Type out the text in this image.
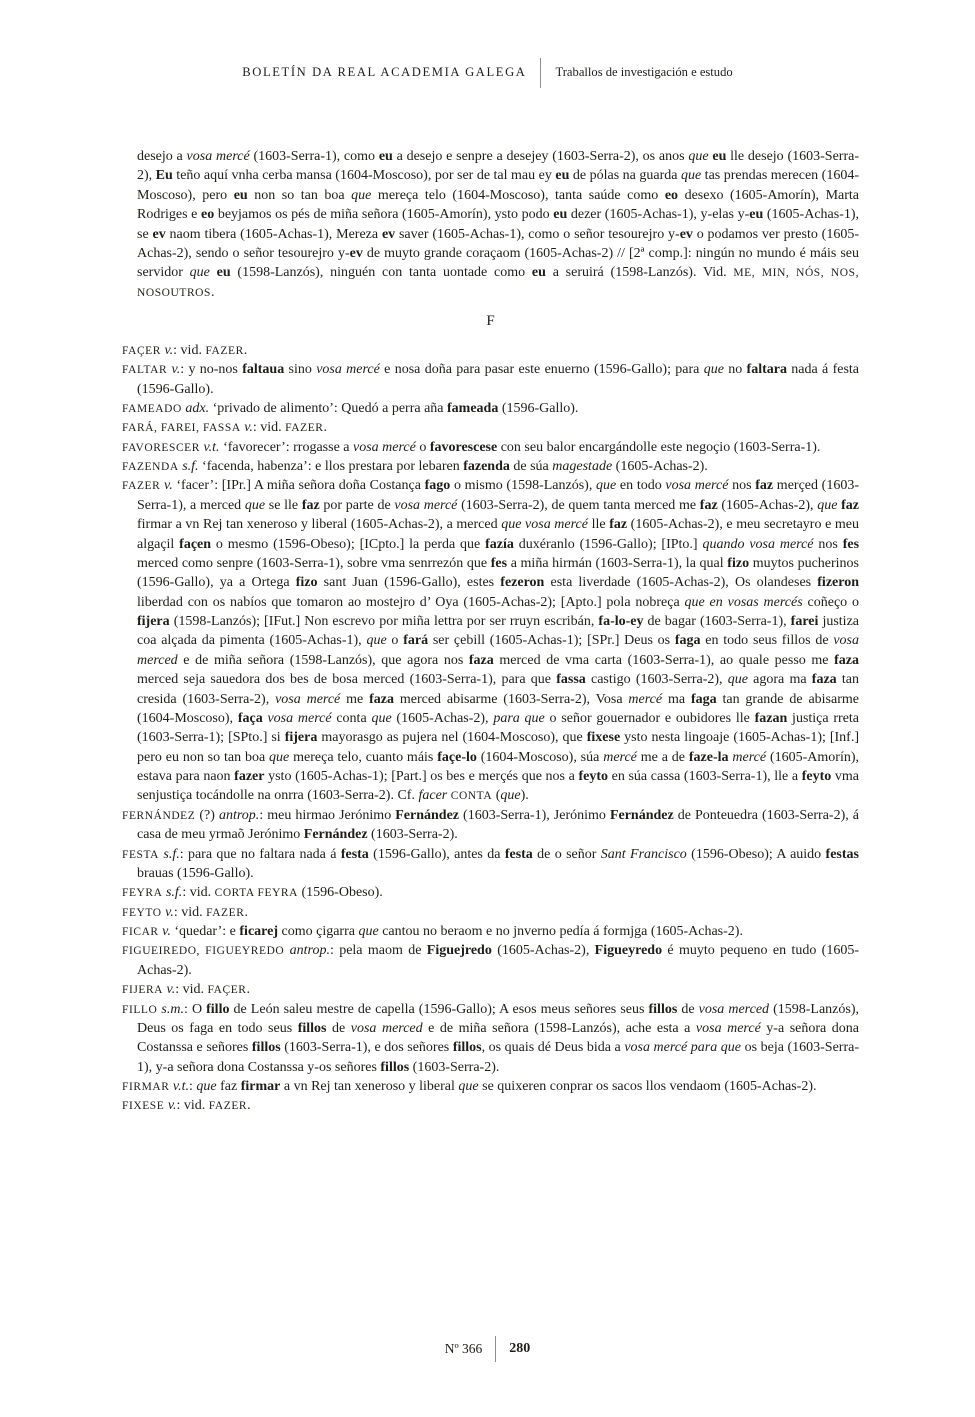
BOLETÍN DA REAL ACADEMIA GALEGA Traballos de investigación e estudo

desejo a vosa mercé (1603-Serra-1), como eu a desejo e senpre a desejey (1603-Serra-2), os anos que eu lle desejo (1603-Serra-2), Eu teño aquí vnha cerba mansa (1604-Moscoso), por ser de tal mau ey eu de pólas na guarda que tas prendas merecen (1604-Moscoso), pero eu non so tan boa que mereça telo (1604-Moscoso), tanta saúde como eo desexo (1605-Amorín), Marta Rodriges e eo beyjamos os pés de miña señora (1605-Amorín), ysto podo eu dezer (1605-Achas-1), y-elas y-eu (1605-Achas-1), se ev naom tibera (1605-Achas-1), Mereza ev saver (1605-Achas-1), como o señor tesourejro y-ev o podamos ver presto (1605-Achas-2), sendo o señor tesourejro y-ev de muyto grande coraçaom (1605-Achas-2) // [2ª comp.]: ningún no mundo é máis seu servidor que eu (1598-Lanzós), ninguén con tanta uontade como eu a seruirá (1598-Lanzós). Vid. ME, MIN, NÓS, NOS, NOSOUTROS.

F

FAÇER v.: vid. FAZER.

FALTAR v.: y no-nos faltaua sino vosa mercé e nosa doña para pasar este enuerno (1596-Gallo); para que no faltara nada á festa (1596-Gallo).

FAMEADO adx. ‘privado de alimento’: Quedó a perra aña fameada (1596-Gallo).

FARÁ, FAREI, FASSA v.: vid. FAZER.

FAVORESCER v.t. ‘favorecer’: rrogasse a vosa mercé o favorescese con seu balor encargándolle este negoçio (1603-Serra-1).

FAZENDA s.f. ‘facenda, habenza’: e llos prestara por lebaren fazenda de súa magestade (1605-Achas-2).

FAZER v. ‘facer’: [IPr.] A miña señora doña Costança fago o mismo (1598-Lanzós), que en todo vosa mercé nos faz merçed (1603-Serra-1), a merced que se lle faz por parte de vosa mercé (1603-Serra-2), de quem tanta merced me faz (1605-Achas-2), que faz firmar a vn Rej tan xeneroso y liberal (1605-Achas-2), a merced que vosa mercé lle faz (1605-Achas-2), e meu secretayro e meu algaçil façen o mesmo (1596-Obeso); [ICpto.] la perda que fazía duxéranlo (1596-Gallo); [IPto.] quando vosa mercé nos fes merced como senpre (1603-Serra-1), sobre vma senrrezón que fes a miña hirmán (1603-Serra-1), la qual fizo muytos pucherinos (1596-Gallo), ya a Ortega fizo sant Juan (1596-Gallo), estes fezeron esta liverdade (1605-Achas-2), Os olandeses fizeron liberdad con os nabíos que tomaron ao mostejro d’ Oya (1605-Achas-2); [Apto.] pola nobreça que en vosas mercés coñeço o fijera (1598-Lanzós); [IFut.] Non escrevo por miña lettra por ser rruyn escribán, fa-lo-ey de bagar (1603-Serra-1), farei justiza coa alçada da pimenta (1605-Achas-1), que o fará ser çebill (1605-Achas-1); [SPr.] Deus os faga en todo seus fillos de vosa merced e de miña señora (1598-Lanzós), que agora nos faza merced de vma carta (1603-Serra-1), ao quale pesso me faza merced seja sauedora dos bes de bosa merced (1603-Serra-1), para que fassa castigo (1603-Serra-2), que agora ma faza tan cresida (1603-Serra-2), vosa mercé me faza merced abisarme (1603-Serra-2), Vosa mercé ma faga tan grande de abisarme (1604-Moscoso), faça vosa mercé conta que (1605-Achas-2), para que o señor gouernador e oubidores lle fazan justiça rreta (1603-Serra-1); [SPto.] si fijera mayorasgo as pujera nel (1604-Moscoso), que fixese ysto nesta lingoaje (1605-Achas-1); [Inf.] pero eu non so tan boa que mereça telo, cuanto máis façe-lo (1604-Moscoso), súa mercé me a de faze-la mercé (1605-Amorín), estava para naon fazer ysto (1605-Achas-1); [Part.] os bes e merçés que nos a feyto en súa cassa (1603-Serra-1), lle a feyto vma senjustiça tocándolle na onrra (1603-Serra-2). Cf. facer CONTA (que).

FERNÁNDEZ (?) antrop.: meu hirmao Jerónimo Fernández (1603-Serra-1), Jerónimo Fernández de Ponteuedra (1603-Serra-2), á casa de meu yrmaõ Jerónimo Fernández (1603-Serra-2).

FESTA s.f.: para que no faltara nada á festa (1596-Gallo), antes da festa de o señor Sant Francisco (1596-Obeso); A auido festas brauas (1596-Gallo).

FEYRA s.f.: vid. CORTA FEYRA (1596-Obeso).

FEYTO v.: vid. FAZER.

FICAR v. ‘quedar’: e ficarej como çigarra que cantou no beraom e no jnverno pedía á formjga (1605-Achas-2).

FIGUEIREDO, FIGUEYREDO antrop.: pela maom de Figuejredo (1605-Achas-2), Figueyredo é muyto pequeno en tudo (1605-Achas-2).

FIJERA v.: vid. FAÇER.

FILLO s.m.: O fillo de León saleu mestre de capella (1596-Gallo); A esos meus señores seus fillos de vosa merced (1598-Lanzós), Deus os faga en todo seus fillos de vosa merced e de miña señora (1598-Lanzós), ache esta a vosa mercé y-a señora dona Costanssa e señores fillos (1603-Serra-1), e dos señores fillos, os quais dé Deus bida a vosa mercé para que os beja (1603-Serra-1), y-a señora dona Costanssa y-os señores fillos (1603-Serra-2).

FIRMAR v.t.: que faz firmar a vn Rej tan xeneroso y liberal que se quixeren conprar os sacos llos vendaom (1605-Achas-2).

FIXESE v.: vid. FAZER.

Nº 366 280
